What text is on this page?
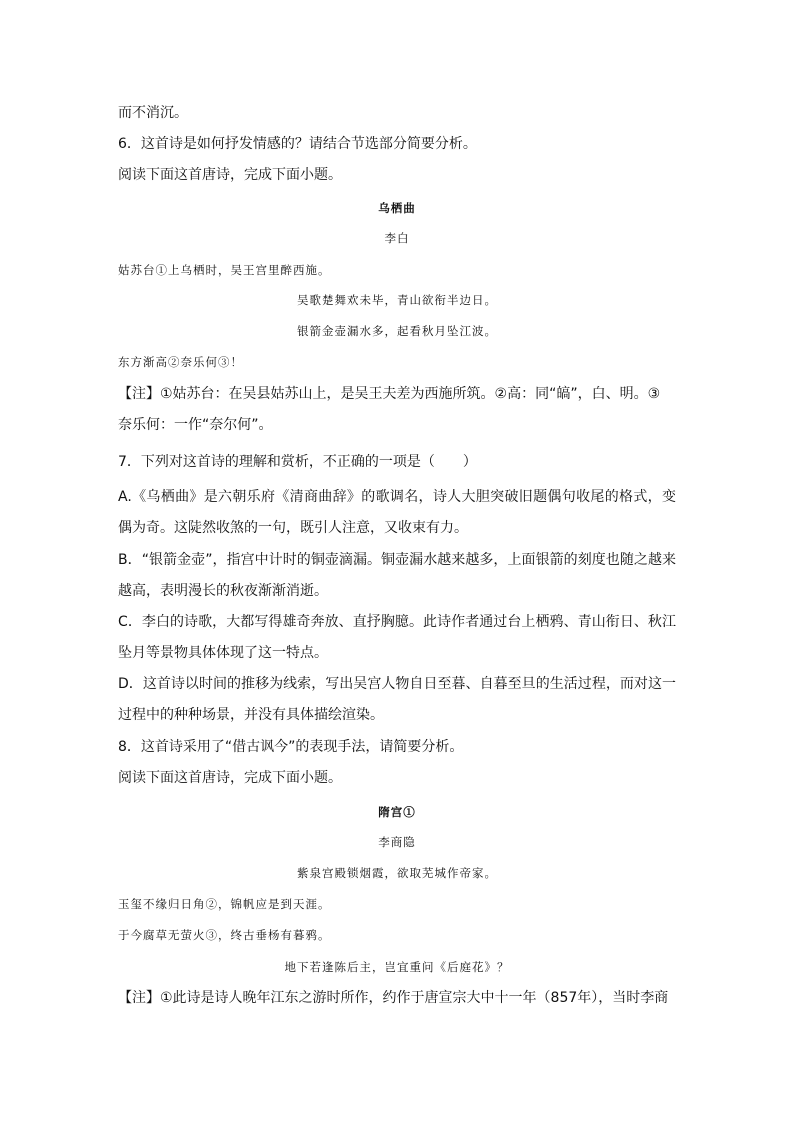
而不消沉。
6．这首诗是如何抒发情感的？请结合节选部分简要分析。
阅读下面这首唐诗，完成下面小题。
乌栖曲
李白
姑苏台①上乌栖时，吴王宫里醉西施。
吴歌楚舞欢未毕，青山欲衔半边日。
银箭金壶漏水多，起看秋月坠江波。
东方渐高②奈乐何③！
【注】①姑苏台：在吴县姑苏山上，是吴王夫差为西施所筑。②高：同“皜”，白、明。③
奈乐何：一作“奈尔何”。
7．下列对这首诗的理解和赏析，不正确的一项是（　　）
A.《乌栖曲》是六朝乐府《清商曲辞》的歌调名，诗人大胆突破旧题偶句收尾的格式，变偶为奇。这陡然收煞的一句，既引人注意，又收束有力。
B．“银箭金壶”，指宫中计时的铜壶滴漏。铜壶漏水越来越多，上面银箭的刻度也随之越来越高，表明漫长的秋夜渐渐消逝。
C．李白的诗歌，大都写得雄奇奔放、直抒胸臆。此诗作者通过台上栖鸦、青山衔日、秋江坠月等景物具体体现了这一特点。
D．这首诗以时间的推移为线索，写出吴宫人物自日至暮、自暮至旦的生活过程，而对这一过程中的种种场景，并没有具体描绘渲染。
8．这首诗采用了“借古讽今”的表现手法，请简要分析。
阅读下面这首唐诗，完成下面小题。
隋宫①
李商隐
紫泉宫殿锁烟霞，欲取芜城作帝家。
玉玺不缘归日角②，锦帆应是到天涯。
于今腐草无萤火③，终古垂杨有暮鸦。
地下若逢陈后主，岂宜重问《后庭花》？
【注】①此诗是诗人晚年江东之游时所作，约作于唐宣宗大中十一年（857年），当时李商
